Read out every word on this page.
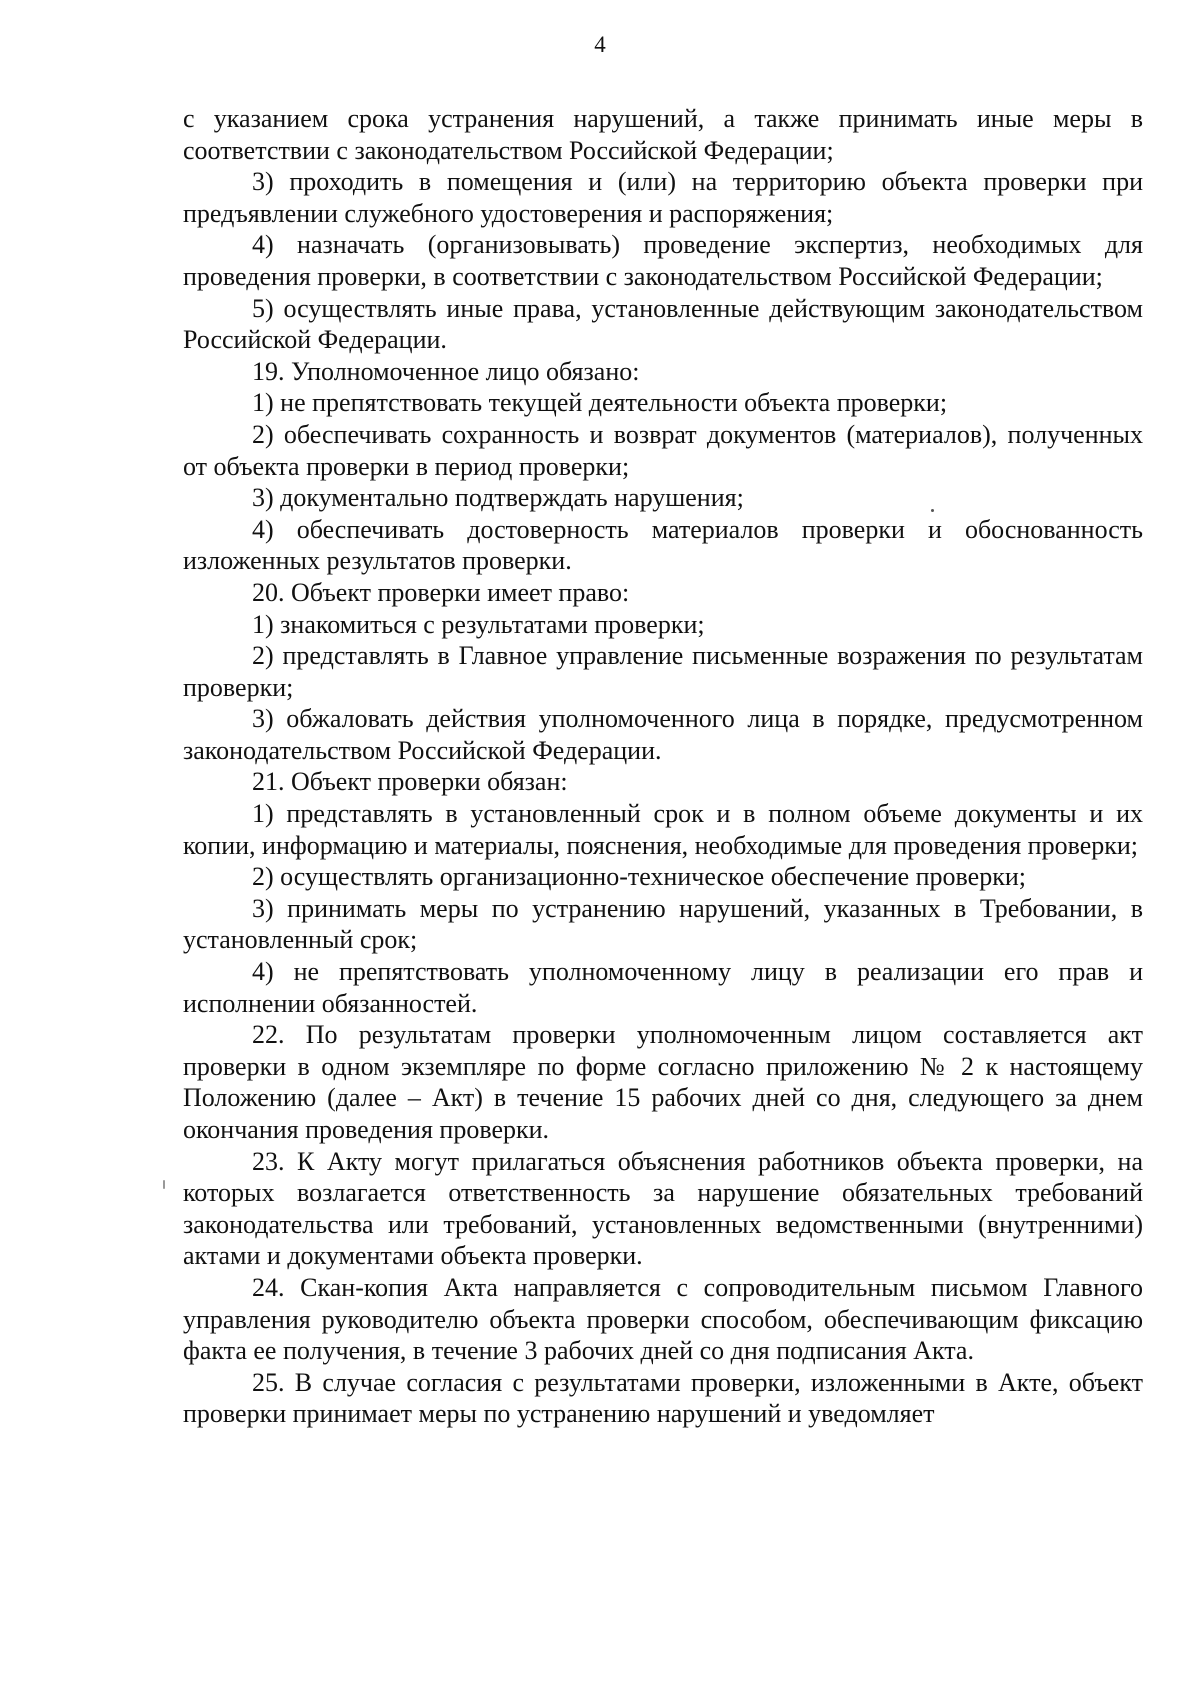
4

с указанием срока устранения нарушений, а также принимать иные меры в соответствии с законодательством Российской Федерации;

3) проходить в помещения и (или) на территорию объекта проверки при предъявлении служебного удостоверения и распоряжения;

4) назначать (организовывать) проведение экспертиз, необходимых для проведения проверки, в соответствии с законодательством Российской Федерации;

5) осуществлять иные права, установленные действующим законодательством Российской Федерации.

19. Уполномоченное лицо обязано:

1) не препятствовать текущей деятельности объекта проверки;

2) обеспечивать сохранность и возврат документов (материалов), полученных от объекта проверки в период проверки;

3) документально подтверждать нарушения;

4) обеспечивать достоверность материалов проверки и обоснованность изложенных результатов проверки.

20. Объект проверки имеет право:

1) знакомиться с результатами проверки;

2) представлять в Главное управление письменные возражения по результатам проверки;

3) обжаловать действия уполномоченного лица в порядке, предусмотренном законодательством Российской Федерации.

21. Объект проверки обязан:

1) представлять в установленный срок и в полном объеме документы и их копии, информацию и материалы, пояснения, необходимые для проведения проверки;

2) осуществлять организационно-техническое обеспечение проверки;

3) принимать меры по устранению нарушений, указанных в Требовании, в установленный срок;

4) не препятствовать уполномоченному лицу в реализации его прав и исполнении обязанностей.

22. По результатам проверки уполномоченным лицом составляется акт проверки в одном экземпляре по форме согласно приложению № 2 к настоящему Положению (далее – Акт) в течение 15 рабочих дней со дня, следующего за днем окончания проведения проверки.

23. К Акту могут прилагаться объяснения работников объекта проверки, на которых возлагается ответственность за нарушение обязательных требований законодательства или требований, установленных ведомственными (внутренними) актами и документами объекта проверки.

24. Скан-копия Акта направляется с сопроводительным письмом Главного управления руководителю объекта проверки способом, обеспечивающим фиксацию факта ее получения, в течение 3 рабочих дней со дня подписания Акта.

25. В случае согласия с результатами проверки, изложенными в Акте, объект проверки принимает меры по устранению нарушений и уведомляет
